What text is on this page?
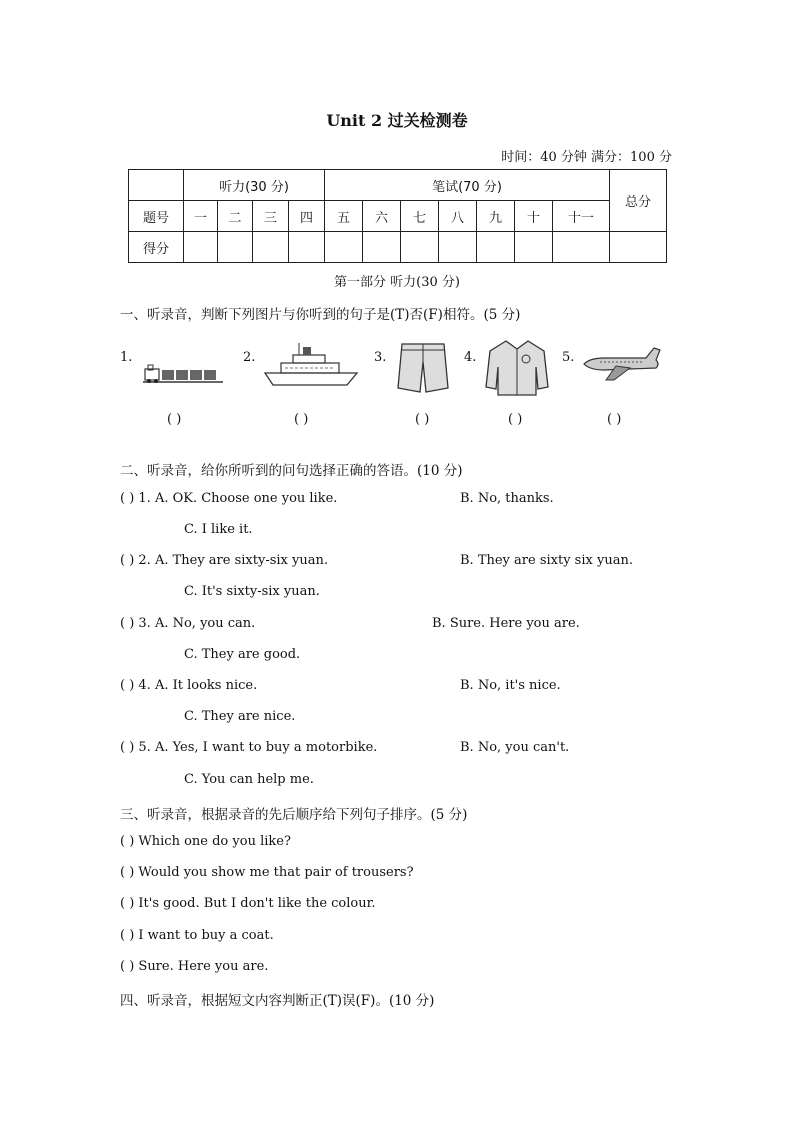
Unit 2 过关检测卷
时间：40 分钟 满分：100 分
	听力(30 分)				笔试(70 分)							总分
题号	一	二	三	四	五	六	七	八	九	十	十一	
得分												
第一部分 听力(30 分)
一、听录音，判断下列图片与你听到的句子是(T)否(F)相符。(5 分)
1.
( )
2.
( )
3.
( )
4.
( )
5.
( )
二、听录音，给你所听到的问句选择正确的答语。(10 分)
( ) 1. A. OK. Choose one you like.	B. No, thanks.
C. I like it.
( ) 2. A. They are sixty-six yuan.	B. They are sixty six yuan.
C. It's sixty-six yuan.
( ) 3. A. No, you can.	B. Sure. Here you are.
C. They are good.
( ) 4. A. It looks nice.	B. No, it's nice.
C. They are nice.
( ) 5. A. Yes, I want to buy a motorbike.	B. No, you can't.
C. You can help me.
三、听录音，根据录音的先后顺序给下列句子排序。(5 分)
( ) Which one do you like?
( ) Would you show me that pair of trousers?
( ) It's good. But I don't like the colour.
( ) I want to buy a coat.
( ) Sure. Here you are.
四、听录音，根据短文内容判断正(T)误(F)。(10 分)
